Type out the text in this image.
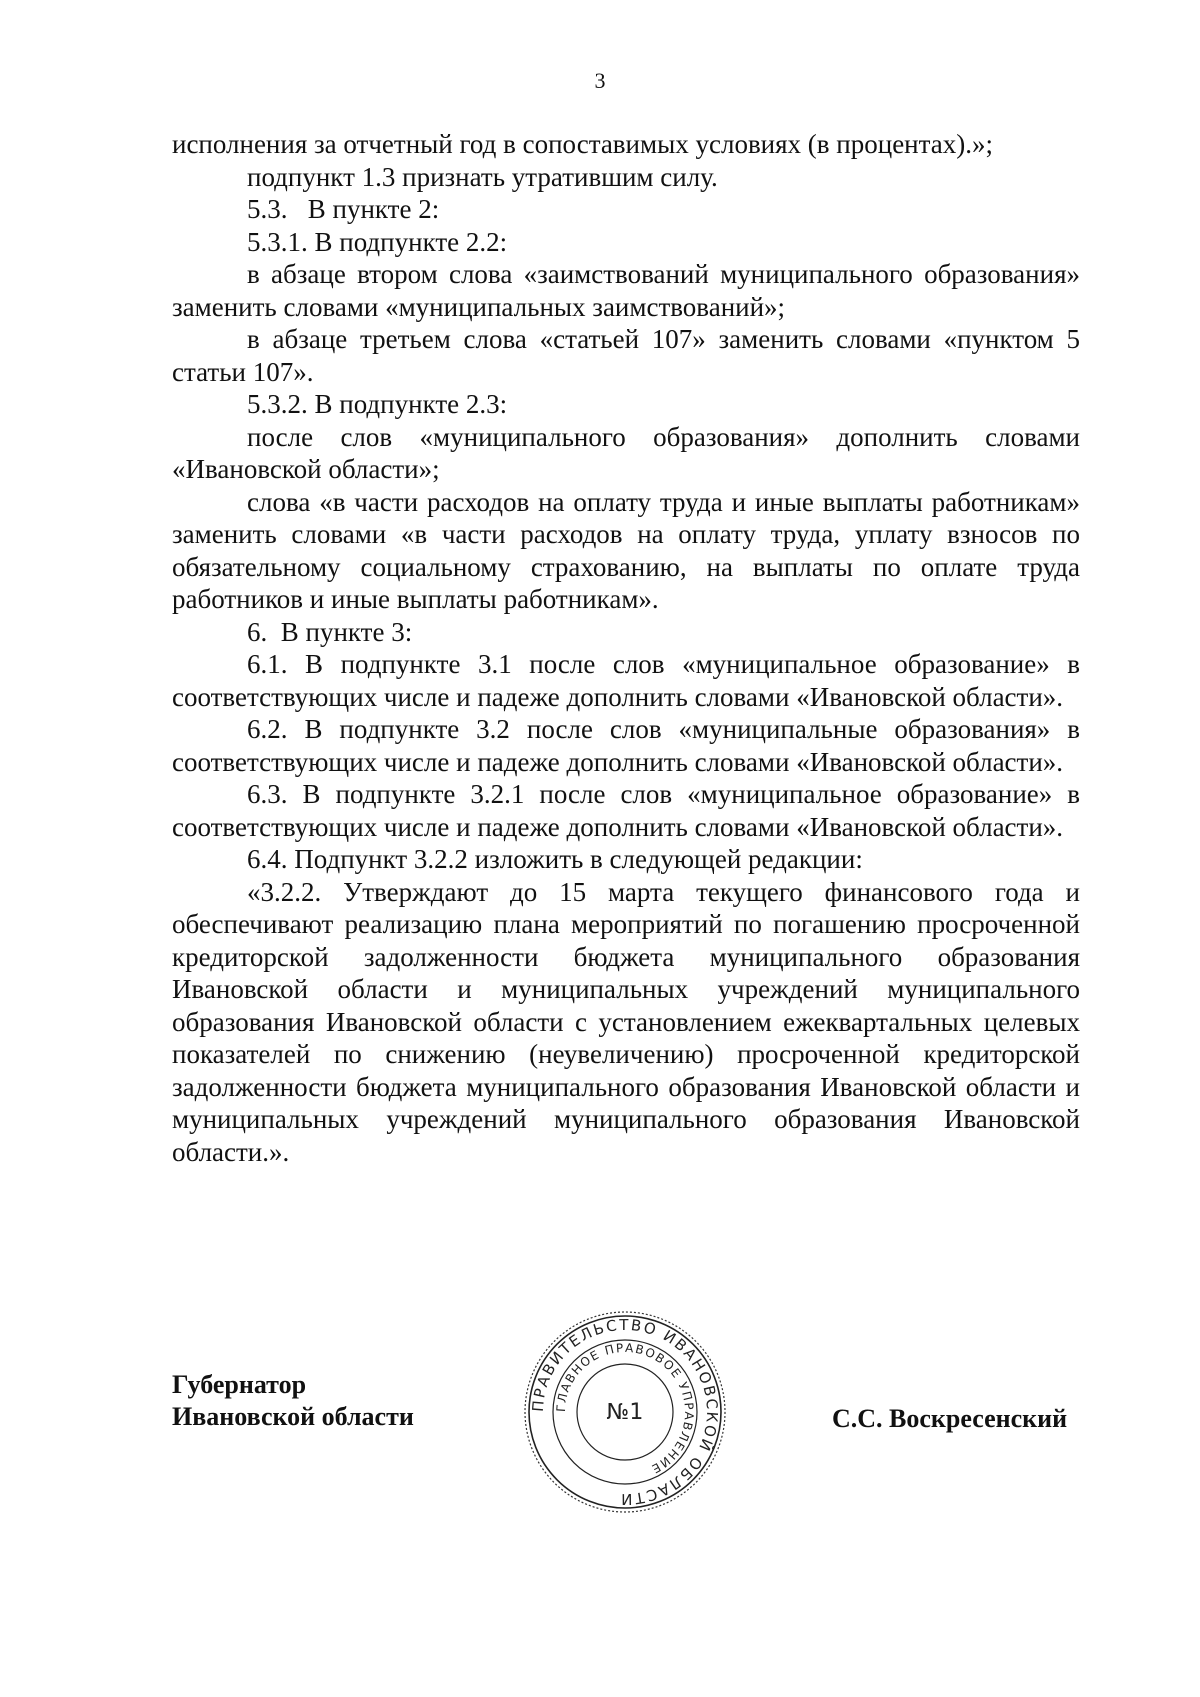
3

исполнения за отчетный год в сопоставимых условиях (в процентах).»;

подпункт 1.3 признать утратившим силу.

5.3.   В пункте 2:

5.3.1. В подпункте 2.2:

в абзаце втором слова «заимствований муниципального образования» заменить словами «муниципальных заимствований»;

в абзаце третьем слова «статьей 107» заменить словами «пунктом 5 статьи 107».

5.3.2. В подпункте 2.3:

после слов «муниципального образования» дополнить словами «Ивановской области»;

слова «в части расходов на оплату труда и иные выплаты работникам» заменить словами «в части расходов на оплату труда, уплату взносов по обязательному социальному страхованию, на выплаты по оплате труда работников и иные выплаты работникам».

6.  В пункте 3:

6.1. В подпункте 3.1 после слов «муниципальное образование» в соответствующих числе и падеже дополнить словами «Ивановской области».

6.2. В подпункте 3.2 после слов «муниципальные образования» в соответствующих числе и падеже дополнить словами «Ивановской области».

6.3. В подпункте 3.2.1 после слов «муниципальное образование» в соответствующих числе и падеже дополнить словами «Ивановской области».

6.4. Подпункт 3.2.2 изложить в следующей редакции:

«3.2.2. Утверждают до 15 марта текущего финансового года и обеспечивают реализацию плана мероприятий по погашению просроченной кредиторской задолженности бюджета муниципального образования Ивановской области и муниципальных учреждений муниципального образования Ивановской области с установлением ежеквартальных целевых показателей по снижению (неувеличению) просроченной кредиторской задолженности бюджета муниципального образования Ивановской области и муниципальных учреждений муниципального образования Ивановской области.».

Губернатор
Ивановской области	С.С. Воскресенский
ПРАВИТЕЛЬСТВО ИВАНОВСКОЙ ОБЛАСТИ
ГЛАВНОЕ ПРАВОВОЕ УПРАВЛЕНИЕ
№1
